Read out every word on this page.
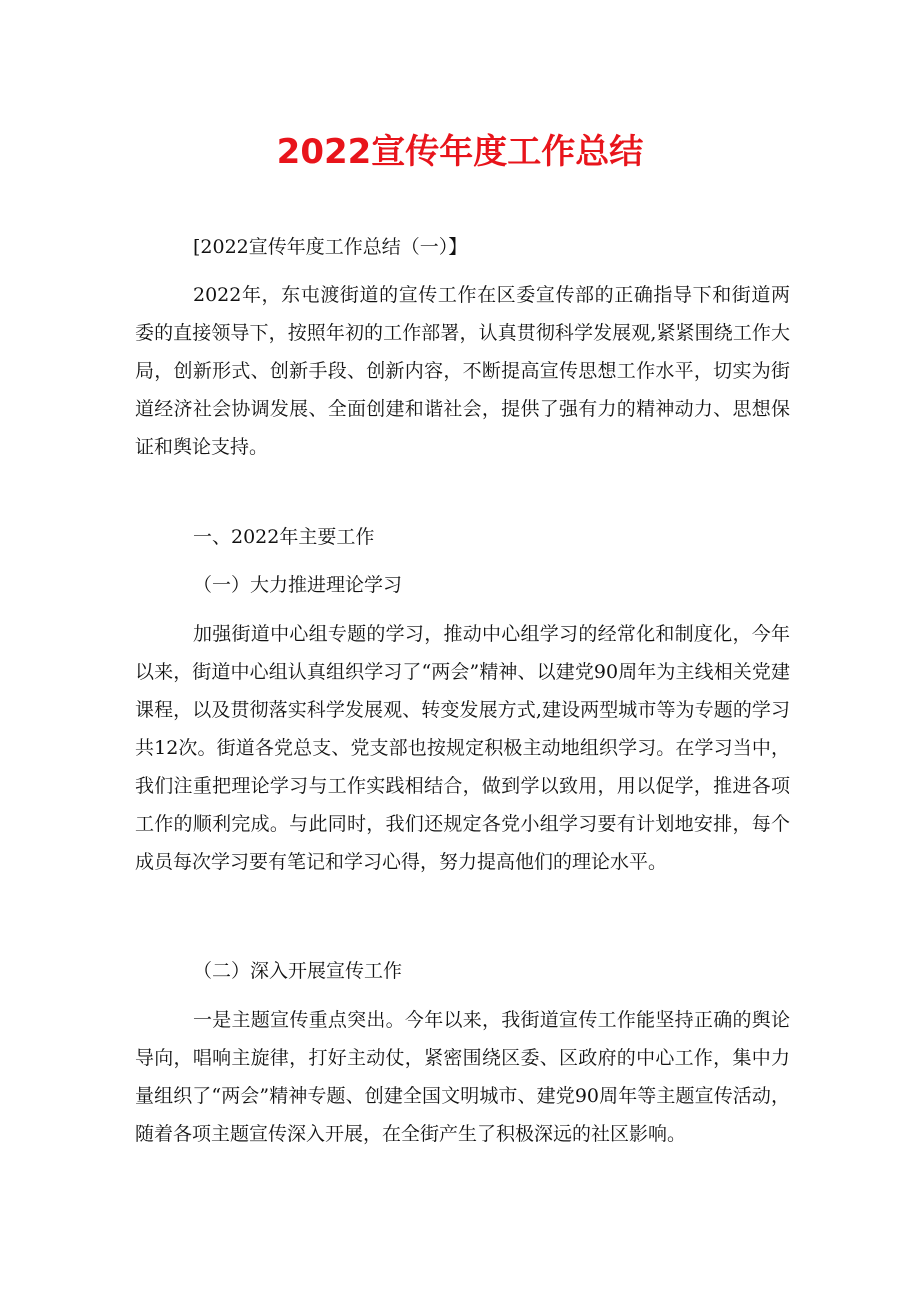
2022宣传年度工作总结

[2022宣传年度工作总结（一）】

2022年，东屯渡街道的宣传工作在区委宣传部的正确指导下和街道两委的直接领导下，按照年初的工作部署，认真贯彻科学发展观,紧紧围绕工作大局，创新形式、创新手段、创新内容，不断提高宣传思想工作水平，切实为街道经济社会协调发展、全面创建和谐社会，提供了强有力的精神动力、思想保证和舆论支持。

一、2022年主要工作

（一）大力推进理论学习

加强街道中心组专题的学习，推动中心组学习的经常化和制度化，今年以来，街道中心组认真组织学习了“两会”精神、以建党90周年为主线相关党建课程，以及贯彻落实科学发展观、转变发展方式,建设两型城市等为专题的学习共12次。街道各党总支、党支部也按规定积极主动地组织学习。在学习当中，我们注重把理论学习与工作实践相结合，做到学以致用，用以促学，推进各项工作的顺利完成。与此同时，我们还规定各党小组学习要有计划地安排，每个成员每次学习要有笔记和学习心得，努力提高他们的理论水平。

（二）深入开展宣传工作

一是主题宣传重点突出。今年以来，我街道宣传工作能坚持正确的舆论导向，唱响主旋律，打好主动仗，紧密围绕区委、区政府的中心工作，集中力量组织了“两会”精神专题、创建全国文明城市、建党90周年等主题宣传活动，随着各项主题宣传深入开展，在全街产生了积极深远的社区影响。
